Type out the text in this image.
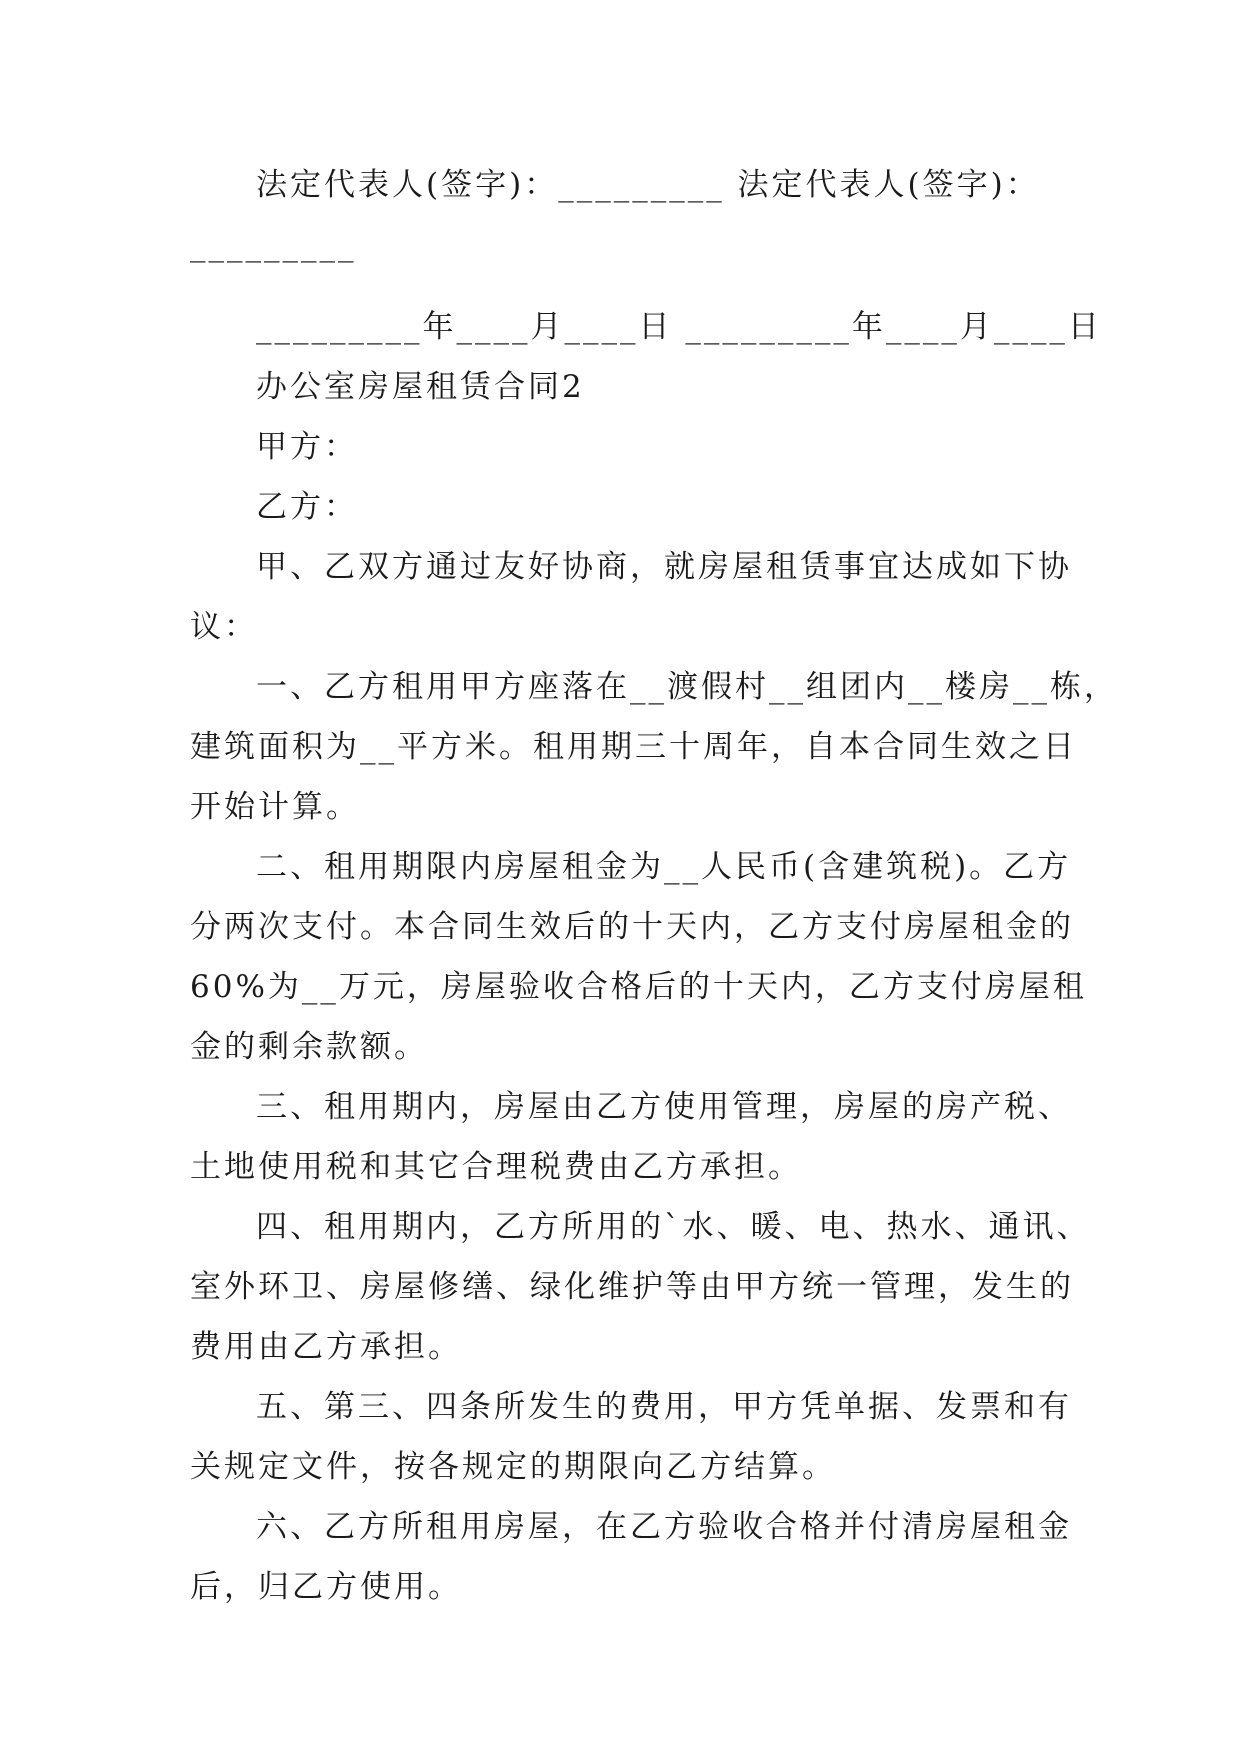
法定代表人(签字)：_________ 法定代表人(签字)：
_________
_________年____月____日 _________年____月____日
办公室房屋租赁合同2
甲方：
乙方：
甲、乙双方通过友好协商，就房屋租赁事宜达成如下协
议：
一、乙方租用甲方座落在__渡假村__组团内__楼房__栋，
建筑面积为__平方米。租用期三十周年，自本合同生效之日
开始计算。
二、租用期限内房屋租金为__人民币(含建筑税)。乙方
分两次支付。本合同生效后的十天内，乙方支付房屋租金的
60%为__万元，房屋验收合格后的十天内，乙方支付房屋租
金的剩余款额。
三、租用期内，房屋由乙方使用管理，房屋的房产税、
土地使用税和其它合理税费由乙方承担。
四、租用期内，乙方所用的`水、暖、电、热水、通讯、
室外环卫、房屋修缮、绿化维护等由甲方统一管理，发生的
费用由乙方承担。
五、第三、四条所发生的费用，甲方凭单据、发票和有
关规定文件，按各规定的期限向乙方结算。
六、乙方所租用房屋，在乙方验收合格并付清房屋租金
后，归乙方使用。
